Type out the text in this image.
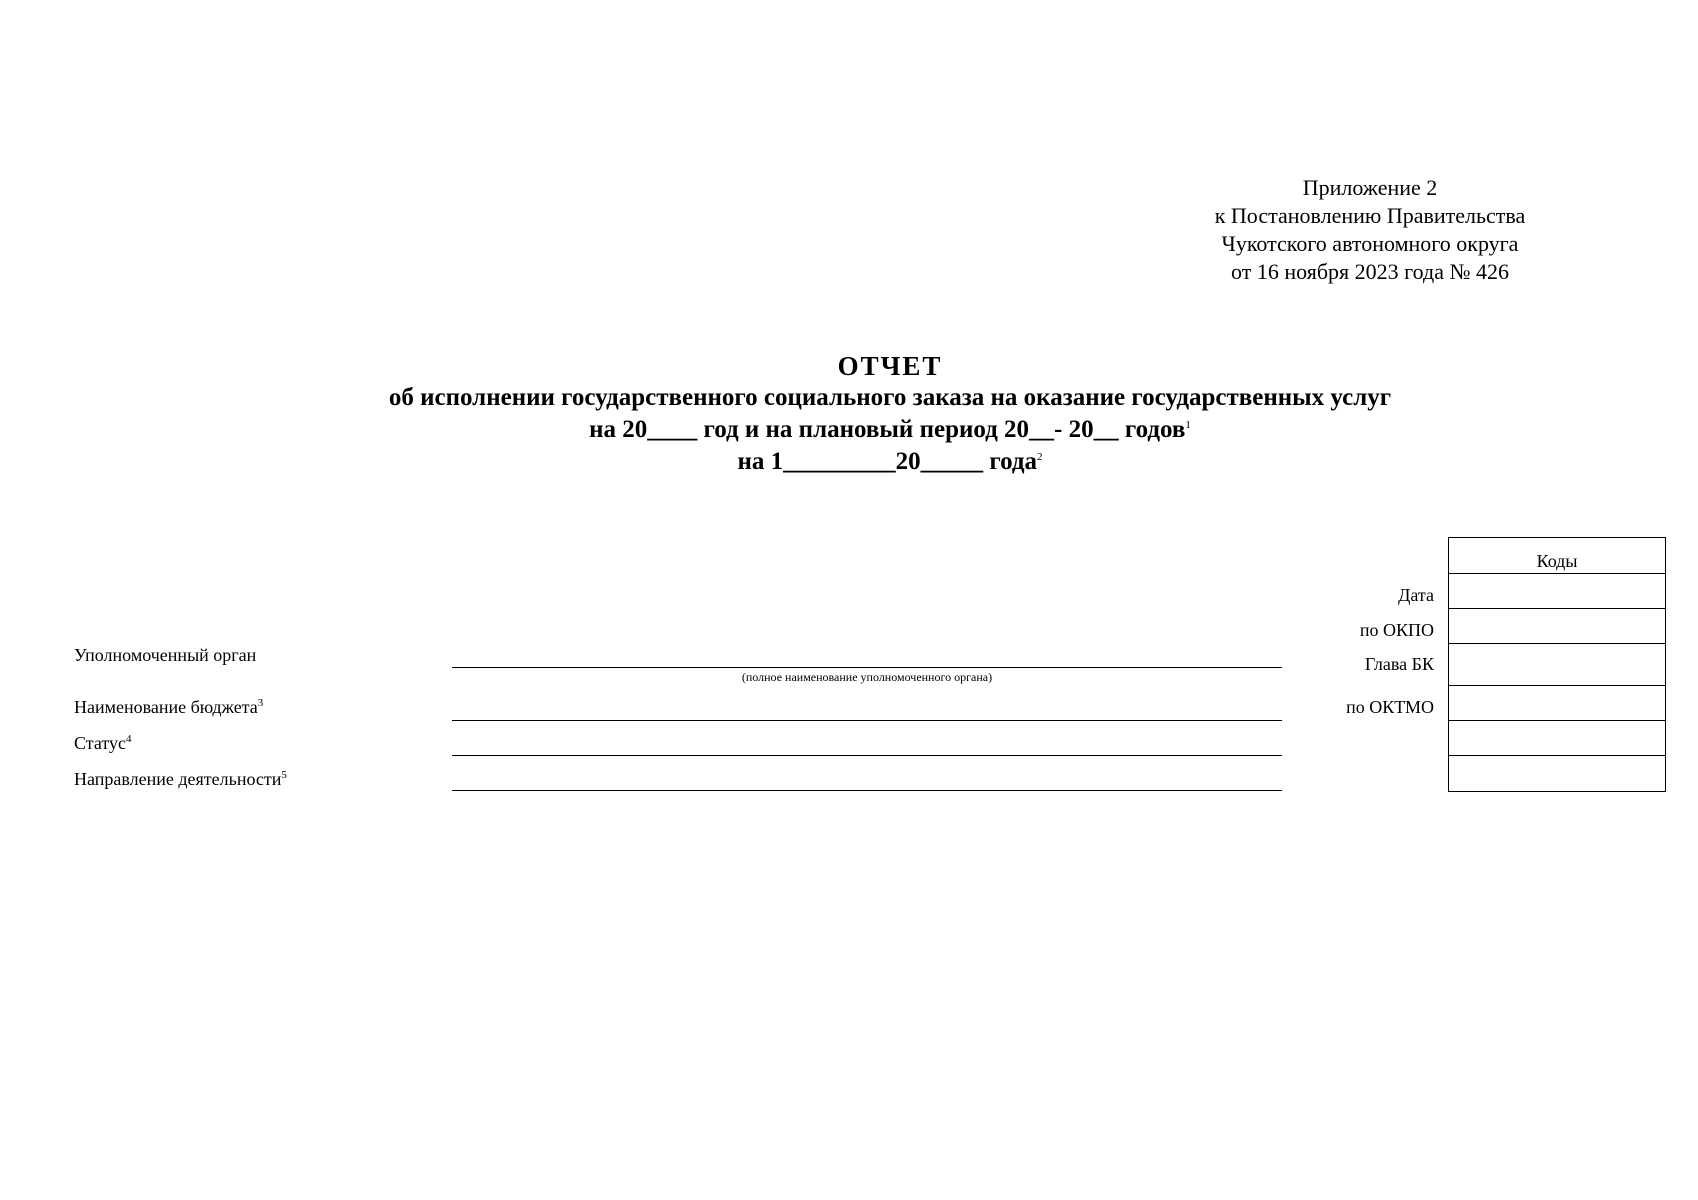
Приложение 2
к Постановлению Правительства
Чукотского автономного округа
от 16 ноября 2023 года № 426
ОТЧЕТ
об исполнении государственного социального заказа на оказание государственных услуг
на 20____ год и на плановый период 20__- 20__ годов$^1$
на 1_________20_____ года$^2$
Уполномоченный орган
(полное наименование уполномоченного органа)
Наименование бюджета$^3$
Статус$^4$
Направление деятельности$^5$
Дата
по ОКПО
Глава БК
по ОКТМО
Коды
